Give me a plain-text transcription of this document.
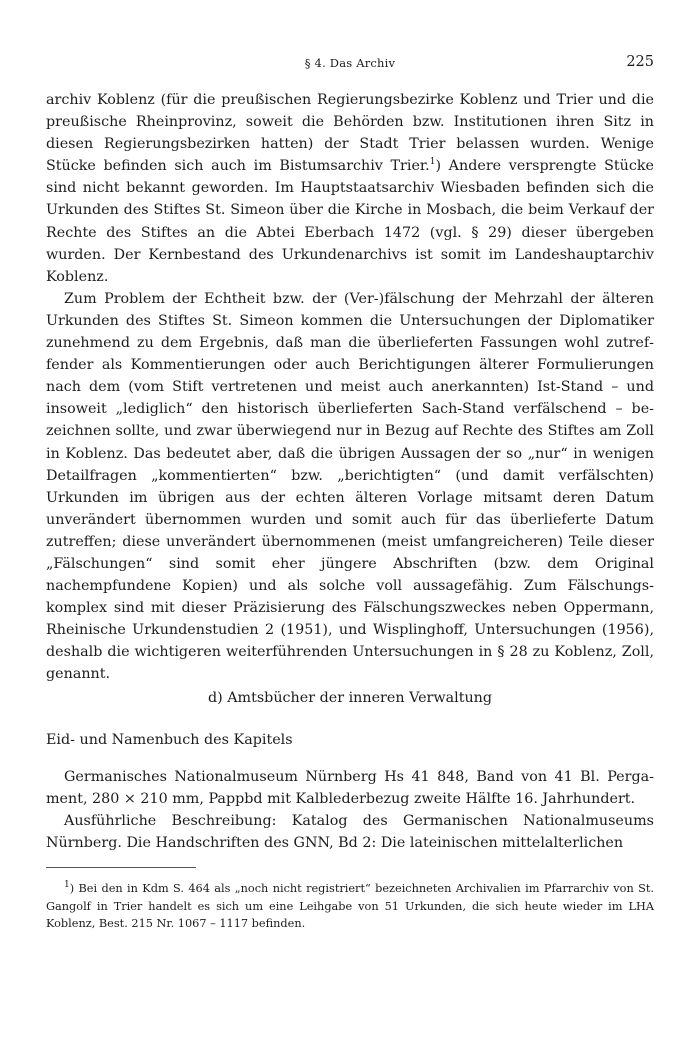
§ 4. Das Archiv	225

archiv Koblenz (für die preußischen Regierungsbezirke Koblenz und Trier und die preußische Rheinprovinz, soweit die Behörden bzw. Institutionen ihren Sitz in diesen Regierungsbezirken hatten) der Stadt Trier belassen wurden. Wenige Stücke befinden sich auch im Bistumsarchiv Trier.$^1$) Andere versprengte Stücke sind nicht bekannt geworden. Im Hauptstaatsarchiv Wiesbaden befinden sich die Urkunden des Stiftes St. Simeon über die Kirche in Mosbach, die beim Verkauf der Rechte des Stiftes an die Abtei Eberbach 1472 (vgl. § 29) dieser übergeben wurden. Der Kernbestand des Urkundenarchivs ist somit im Landeshauptarchiv Koblenz.

Zum Problem der Echtheit bzw. der (Ver-)fälschung der Mehrzahl der älteren Urkunden des Stiftes St. Simeon kommen die Untersuchungen der Diplomatiker zunehmend zu dem Ergebnis, daß man die überlieferten Fassungen wohl zutreffender als Kommentierungen oder auch Berichtigungen älterer Formulierungen nach dem (vom Stift vertretenen und meist auch anerkannten) Ist-Stand – und insoweit „lediglich“ den historisch überlieferten Sach-Stand verfälschend – bezeichnen sollte, und zwar überwiegend nur in Bezug auf Rechte des Stiftes am Zoll in Koblenz. Das bedeutet aber, daß die übrigen Aussagen der so „nur“ in wenigen Detailfragen „kommentierten“ bzw. „berichtigten“ (und damit verfälschten) Urkunden im übrigen aus der echten älteren Vorlage mitsamt deren Datum unverändert übernommen wurden und somit auch für das überlieferte Datum zutreffen; diese unverändert übernommenen (meist umfangreicheren) Teile dieser „Fälschungen“ sind somit eher jüngere Abschriften (bzw. dem Original nachempfundene Kopien) und als solche voll aussagefähig. Zum Fälschungskomplex sind mit dieser Präzisierung des Fälschungszweckes neben Oppermann, Rheinische Urkundenstudien 2 (1951), und Wisplinghoff, Untersuchungen (1956), deshalb die wichtigeren weiterführenden Untersuchungen in § 28 zu Koblenz, Zoll, genannt.

d) Amtsbücher der inneren Verwaltung
Eid- und Namenbuch des Kapitels

Germanisches Nationalmuseum Nürnberg Hs 41 848, Band von 41 Bl. Pergament, 280 × 210 mm, Pappbd mit Kalblederbezug zweite Hälfte 16. Jahrhundert.

Ausführliche Beschreibung: Katalog des Germanischen Nationalmuseums Nürnberg. Die Handschriften des GNN, Bd 2: Die lateinischen mittelalterlichen

$^1$) Bei den in Kdm S. 464 als „noch nicht registriert“ bezeichneten Archivalien im Pfarrarchiv von St. Gangolf in Trier handelt es sich um eine Leihgabe von 51 Urkunden, die sich heute wieder im LHA Koblenz, Best. 215 Nr. 1067 – 1117 befinden.
